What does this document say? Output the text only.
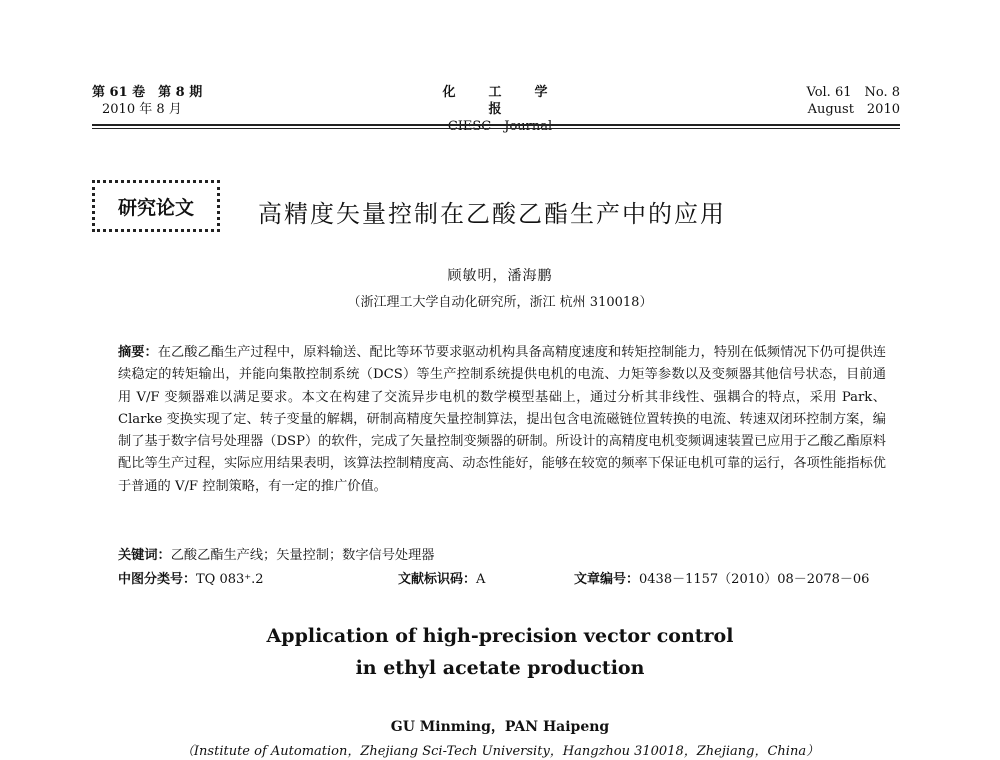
第 61 卷　第 8 期
2010 年 8 月
化　工　学　报
CIESC　Journal
Vol. 61　No. 8
August　2010
研究论文	高精度矢量控制在乙酸乙酯生产中的应用
顾敏明，潘海鹏
（浙江理工大学自动化研究所，浙江 杭州 310018）
摘要：在乙酸乙酯生产过程中，原料输送、配比等环节要求驱动机构具备高精度速度和转矩控制能力，特别在低频情况下仍可提供连续稳定的转矩输出，并能向集散控制系统（DCS）等生产控制系统提供电机的电流、力矩等参数以及变频器其他信号状态，目前通用 V/F 变频器难以满足要求。本文在构建了交流异步电机的数学模型基础上，通过分析其非线性、强耦合的特点，采用 Park、Clarke 变换实现了定、转子变量的解耦，研制高精度矢量控制算法，提出包含电流磁链位置转换的电流、转速双闭环控制方案，编制了基于数字信号处理器（DSP）的软件，完成了矢量控制变频器的研制。所设计的高精度电机变频调速装置已应用于乙酸乙酯原料配比等生产过程，实际应用结果表明，该算法控制精度高、动态性能好，能够在较宽的频率下保证电机可靠的运行，各项性能指标优于普通的 V/F 控制策略，有一定的推广价值。
关键词：乙酸乙酯生产线；矢量控制；数字信号处理器
中图分类号：TQ 083⁺.2	文献标识码：A	文章编号：0438－1157（2010）08－2078－06
Application of high-precision vector control
in ethyl acetate production
GU Minming，PAN Haipeng
（Institute of Automation，Zhejiang Sci-Tech University，Hangzhou 310018，Zhejiang，China）
